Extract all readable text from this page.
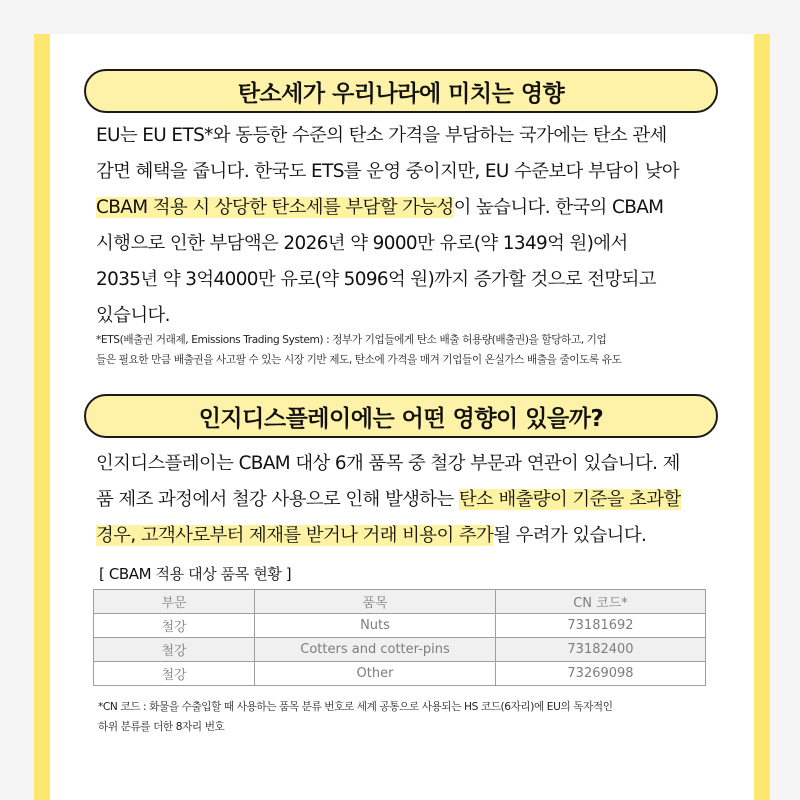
탄소세가 우리나라에 미치는 영향
EU는 EU ETS*와 동등한 수준의 탄소 가격을 부담하는 국가에는 탄소 관세
감면 혜택을 줍니다. 한국도 ETS를 운영 중이지만, EU 수준보다 부담이 낮아
CBAM 적용 시 상당한 탄소세를 부담할 가능성이 높습니다. 한국의 CBAM
시행으로 인한 부담액은 2026년 약 9000만 유로(약 1349억 원)에서
2035년 약 3억4000만 유로(약 5096억 원)까지 증가할 것으로 전망되고
있습니다.
*ETS(배출권 거래제, Emissions Trading System) : 정부가 기업들에게 탄소 배출 허용량(배출권)을 할당하고, 기업
들은 필요한 만큼 배출권을 사고팔 수 있는 시장 기반 제도, 탄소에 가격을 매겨 기업들이 온실가스 배출을 줄이도록 유도
인지디스플레이에는 어떤 영향이 있을까?
인지디스플레이는 CBAM 대상 6개 품목 중 철강 부문과 연관이 있습니다. 제
품 제조 과정에서 철강 사용으로 인해 발생하는 탄소 배출량이 기준을 초과할
경우, 고객사로부터 제재를 받거나 거래 비용이 추가될 우려가 있습니다.
[ CBAM 적용 대상 품목 현황 ]
부문	품목	CN 코드*
철강	Nuts	73181692
철강	Cotters and cotter-pins	73182400
철강	Other	73269098
*CN 코드 : 화물을 수출입할 때 사용하는 품목 분류 번호로 세계 공통으로 사용되는 HS 코드(6자리)에 EU의 독자적인
하위 분류를 더한 8자리 번호
